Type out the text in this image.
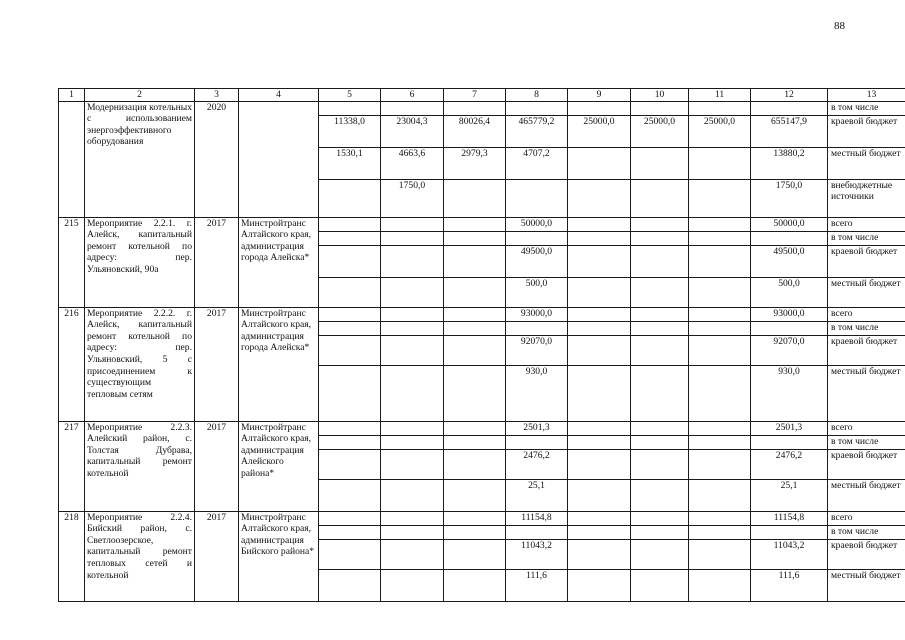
88
1	2	3	4	5	6	7	8	9	10	11	12	13
	Модернизация котельных с использованием энергоэффективного оборудования	2020										в том числе
				11338,0	23004,3	80026,4	465779,2	25000,0	25000,0	25000,0	655147,9	краевой бюджет
				1530,1	4663,6	2979,3	4707,2				13880,2	местный бюджет
					1750,0						1750,0	внебюджетные источники
215	Мероприятие 2.2.1. г. Алейск, капитальный ремонт котельной по адресу: пер. Ульяновский, 90а	2017	Минстройтранс Алтайского края, администрация города Алейска*				50000,0				50000,0	всего
												в том числе
							49500,0				49500,0	краевой бюджет
							500,0				500,0	местный бюджет
216	Мероприятие 2.2.2. г. Алейск, капитальный ремонт котельной по адресу: пер. Ульяновский, 5 с присоединением к существующим тепловым сетям	2017	Минстройтранс Алтайского края, администрация города Алейска*				93000,0				93000,0	всего
												в том числе
							92070,0				92070,0	краевой бюджет
							930,0				930,0	местный бюджет
217	Мероприятие 2.2.3. Алейский район, с. Толстая Дубрава, капитальный ремонт котельной	2017	Минстройтранс Алтайского края, администрация Алейского района*				2501,3				2501,3	всего
												в том числе
							2476,2				2476,2	краевой бюджет
							25,1				25,1	местный бюджет
218	Мероприятие 2.2.4. Бийский район, с. Светлоозерское, капитальный ремонт тепловых сетей и котельной	2017	Минстройтранс Алтайского края, администрация Бийского района*				11154,8				11154,8	всего
												в том числе
							11043,2				11043,2	краевой бюджет
							111,6				111,6	местный бюджет
